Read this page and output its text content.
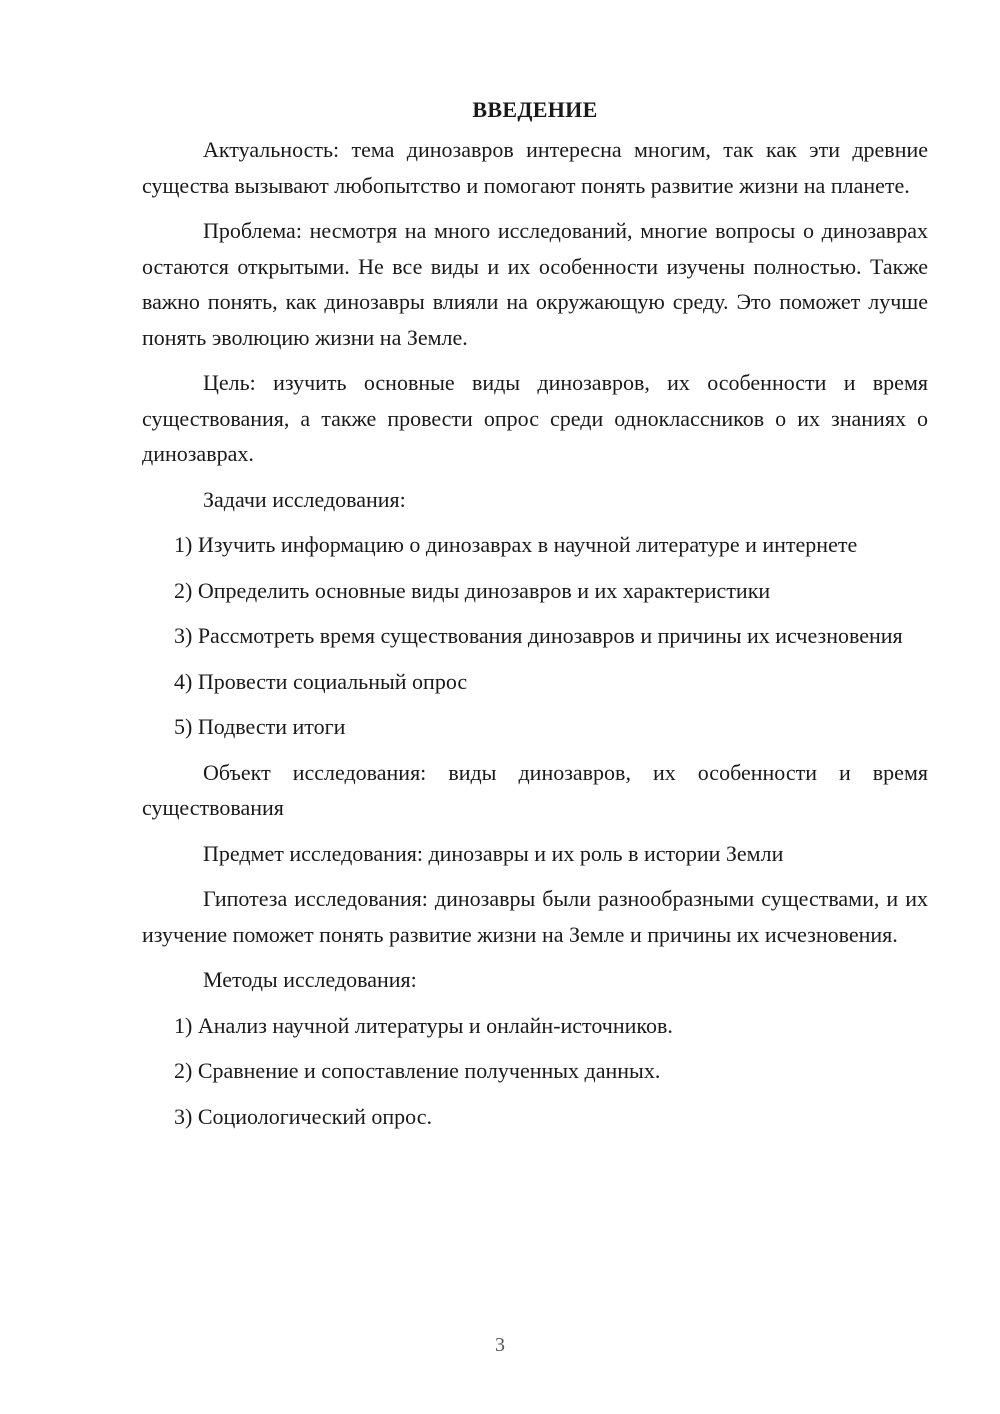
ВВЕДЕНИЕ
Актуальность: тема динозавров интересна многим, так как эти древние существа вызывают любопытство и помогают понять развитие жизни на планете.
Проблема: несмотря на много исследований, многие вопросы о динозаврах остаются открытыми. Не все виды и их особенности изучены полностью. Также важно понять, как динозавры влияли на окружающую среду. Это поможет лучше понять эволюцию жизни на Земле.
Цель: изучить основные виды динозавров, их особенности и время существования, а также провести опрос среди одноклассников о их знаниях о динозаврах.
Задачи исследования:
1) Изучить информацию о динозаврах в научной литературе и интернете
2) Определить основные виды динозавров и их характеристики
3) Рассмотреть время существования динозавров и причины их исчезновения
4) Провести социальный опрос
5) Подвести итоги
Объект исследования: виды динозавров, их особенности и время существования
Предмет исследования: динозавры и их роль в истории Земли
Гипотеза исследования: динозавры были разнообразными существами, и их изучение поможет понять развитие жизни на Земле и причины их исчезновения.
Методы исследования:
1) Анализ научной литературы и онлайн-источников.
2) Сравнение и сопоставление полученных данных.
3) Социологический опрос.
3
